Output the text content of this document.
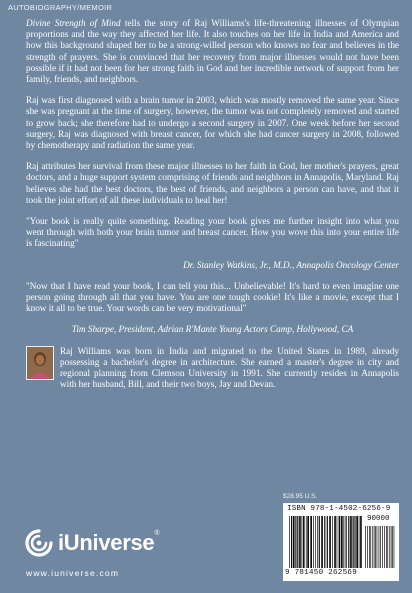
AUTOBIOGRAPHY/MEMOIR

Divine Strength of Mind tells the story of Raj Williams's life-threatening illnesses of Olympian proportions and the way they affected her life. It also touches on her life in India and America and how this background shaped her to be a strong-willed person who knows no fear and believes in the strength of prayers. She is convinced that her recovery from major illnesses would not have been possible if it had not been for her strong faith in God and her incredible network of support from her family, friends, and neighbors.

Raj was first diagnosed with a brain tumor in 2003, which was mostly removed the same year. Since she was pregnant at the time of surgery, however, the tumor was not completely removed and started to grow back; she therefore had to undergo a second surgery in 2007. One week before her second surgery, Raj was diagnosed with breast cancer, for which she had cancer surgery in 2008, followed by chemotherapy and radiation the same year.

Raj attributes her survival from these major illnesses to her faith in God, her mother's prayers, great doctors, and a huge support system comprising of friends and neighbors in Annapolis, Maryland. Raj believes she had the best doctors, the best of friends, and neighbors a person can have, and that it took the joint effort of all these individuals to heal her!

"Your book is really quite something. Reading your book gives me further insight into what you went through with both your brain tumor and breast cancer. How you wove this into your entire life is fascinating"

Dr. Stanley Watkins, Jr., M.D., Annapolis Oncology Center

"Now that I have read your book, I can tell you this... Unbelievable! It's hard to even imagine one person going through all that you have. You are one tough cookie! It's like a movie, except that I know it all to be true. Your words can be very motivational"

Tim Sharpe, President, Adrian R'Mante Young Actors Camp, Hollywood, CA

Raj Williams was born in India and migrated to the United States in 1989, already possessing a bachelor's degree in architecture. She earned a master's degree in city and regional planning from Clemson University in 1991. She currently resides in Annapolis with her husband, Bill, and their two boys, Jay and Devan.
iUniverse®
www.iuniverse.com
$28.95 U.S.
ISBN 978-1-4502-6256-9
90000
9 781450 262569
